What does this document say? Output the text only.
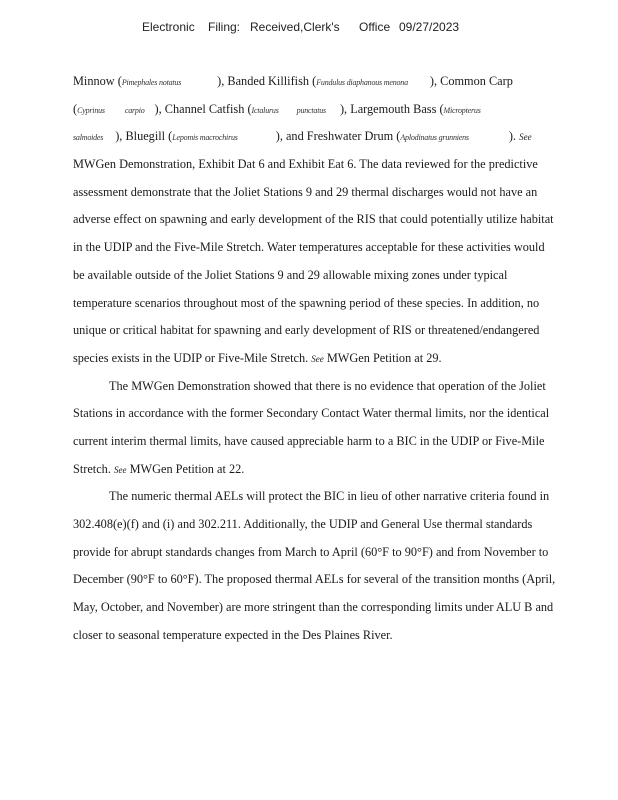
Electronic Filing: Received,Clerk's Office 09/27/2023
Minnow (Pimephales notatus	), Banded Killifish (Fundulus diaphanous menona ), Common Carp
(Cyprinus	carpio ), Channel Catfish (Ictalurus punctatus ), Largemouth Bass (Micropterus
salmoides ), Bluegill (Lepomis macrochirus	), and Freshwater Drum (Aplodinatus grunniens	). See
MWGen Demonstration, Exhibit Dat 6 and Exhibit Eat 6. The data reviewed for the predictive
assessment demonstrate that the Joliet Stations 9 and 29 thermal discharges would not have an
adverse effect on spawning and early development of the RIS that could potentially utilize habitat
in the UDIP and the Five-Mile Stretch. Water temperatures acceptable for these activities would
be available outside of the Joliet Stations 9 and 29 allowable mixing zones under typical
temperature scenarios throughout most of the spawning period of these species. In addition, no
unique or critical habitat for spawning and early development of RIS or threatened/endangered
species exists in the UDIP or Five-Mile Stretch. See MWGen Petition at 29.
The MWGen Demonstration showed that there is no evidence that operation of the Joliet
Stations in accordance with the former Secondary Contact Water thermal limits, nor the identical
current interim thermal limits, have caused appreciable harm to a BIC in the UDIP or Five-Mile
Stretch. See MWGen Petition at 22.
The numeric thermal AELs will protect the BIC in lieu of other narrative criteria found in
302.408(e)(f) and (i) and 302.211. Additionally, the UDIP and General Use thermal standards
provide for abrupt standards changes from March to April (60°F to 90°F) and from November to
December (90°F to 60°F). The proposed thermal AELs for several of the transition months (April,
May, October, and November) are more stringent than the corresponding limits under ALU B and
closer to seasonal temperature expected in the Des Plaines River.
